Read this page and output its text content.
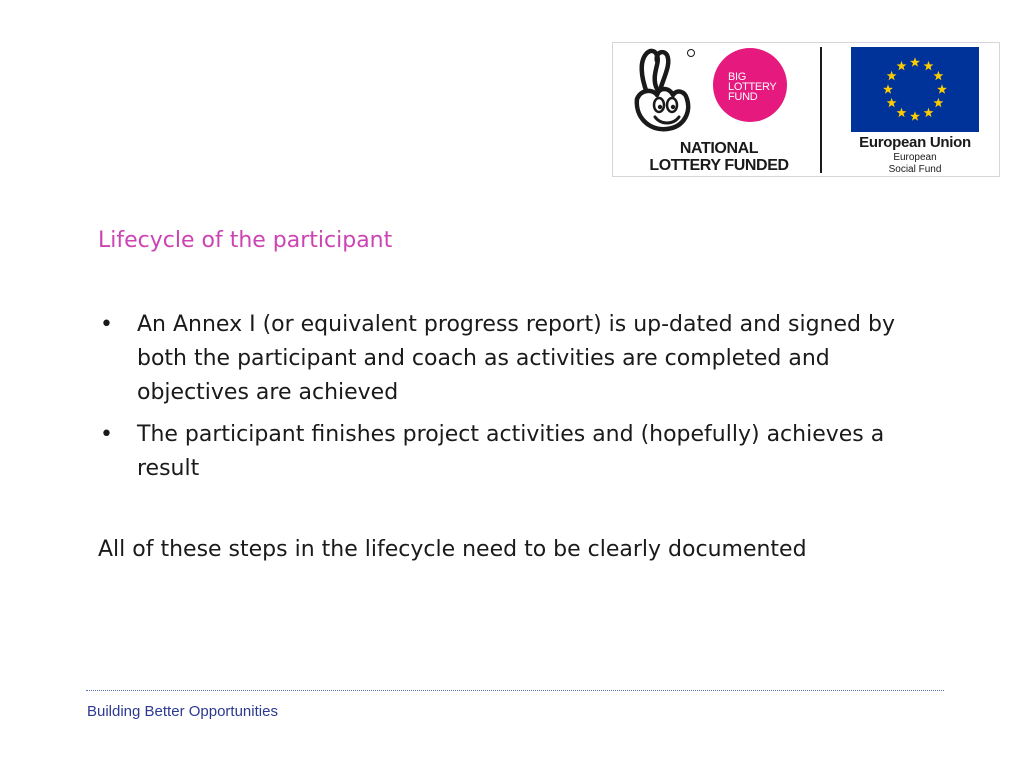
BIG
LOTTERY
FUND
NATIONAL
LOTTERY FUNDED
European Union
European
Social Fund
Lifecycle of the participant
• An Annex I (or equivalent progress report) is up-dated and signed by both the participant and coach as activities are completed and objectives are achieved
• The participant finishes project activities and (hopefully) achieves a result

All of these steps in the lifecycle need to be clearly documented

Building Better Opportunities
